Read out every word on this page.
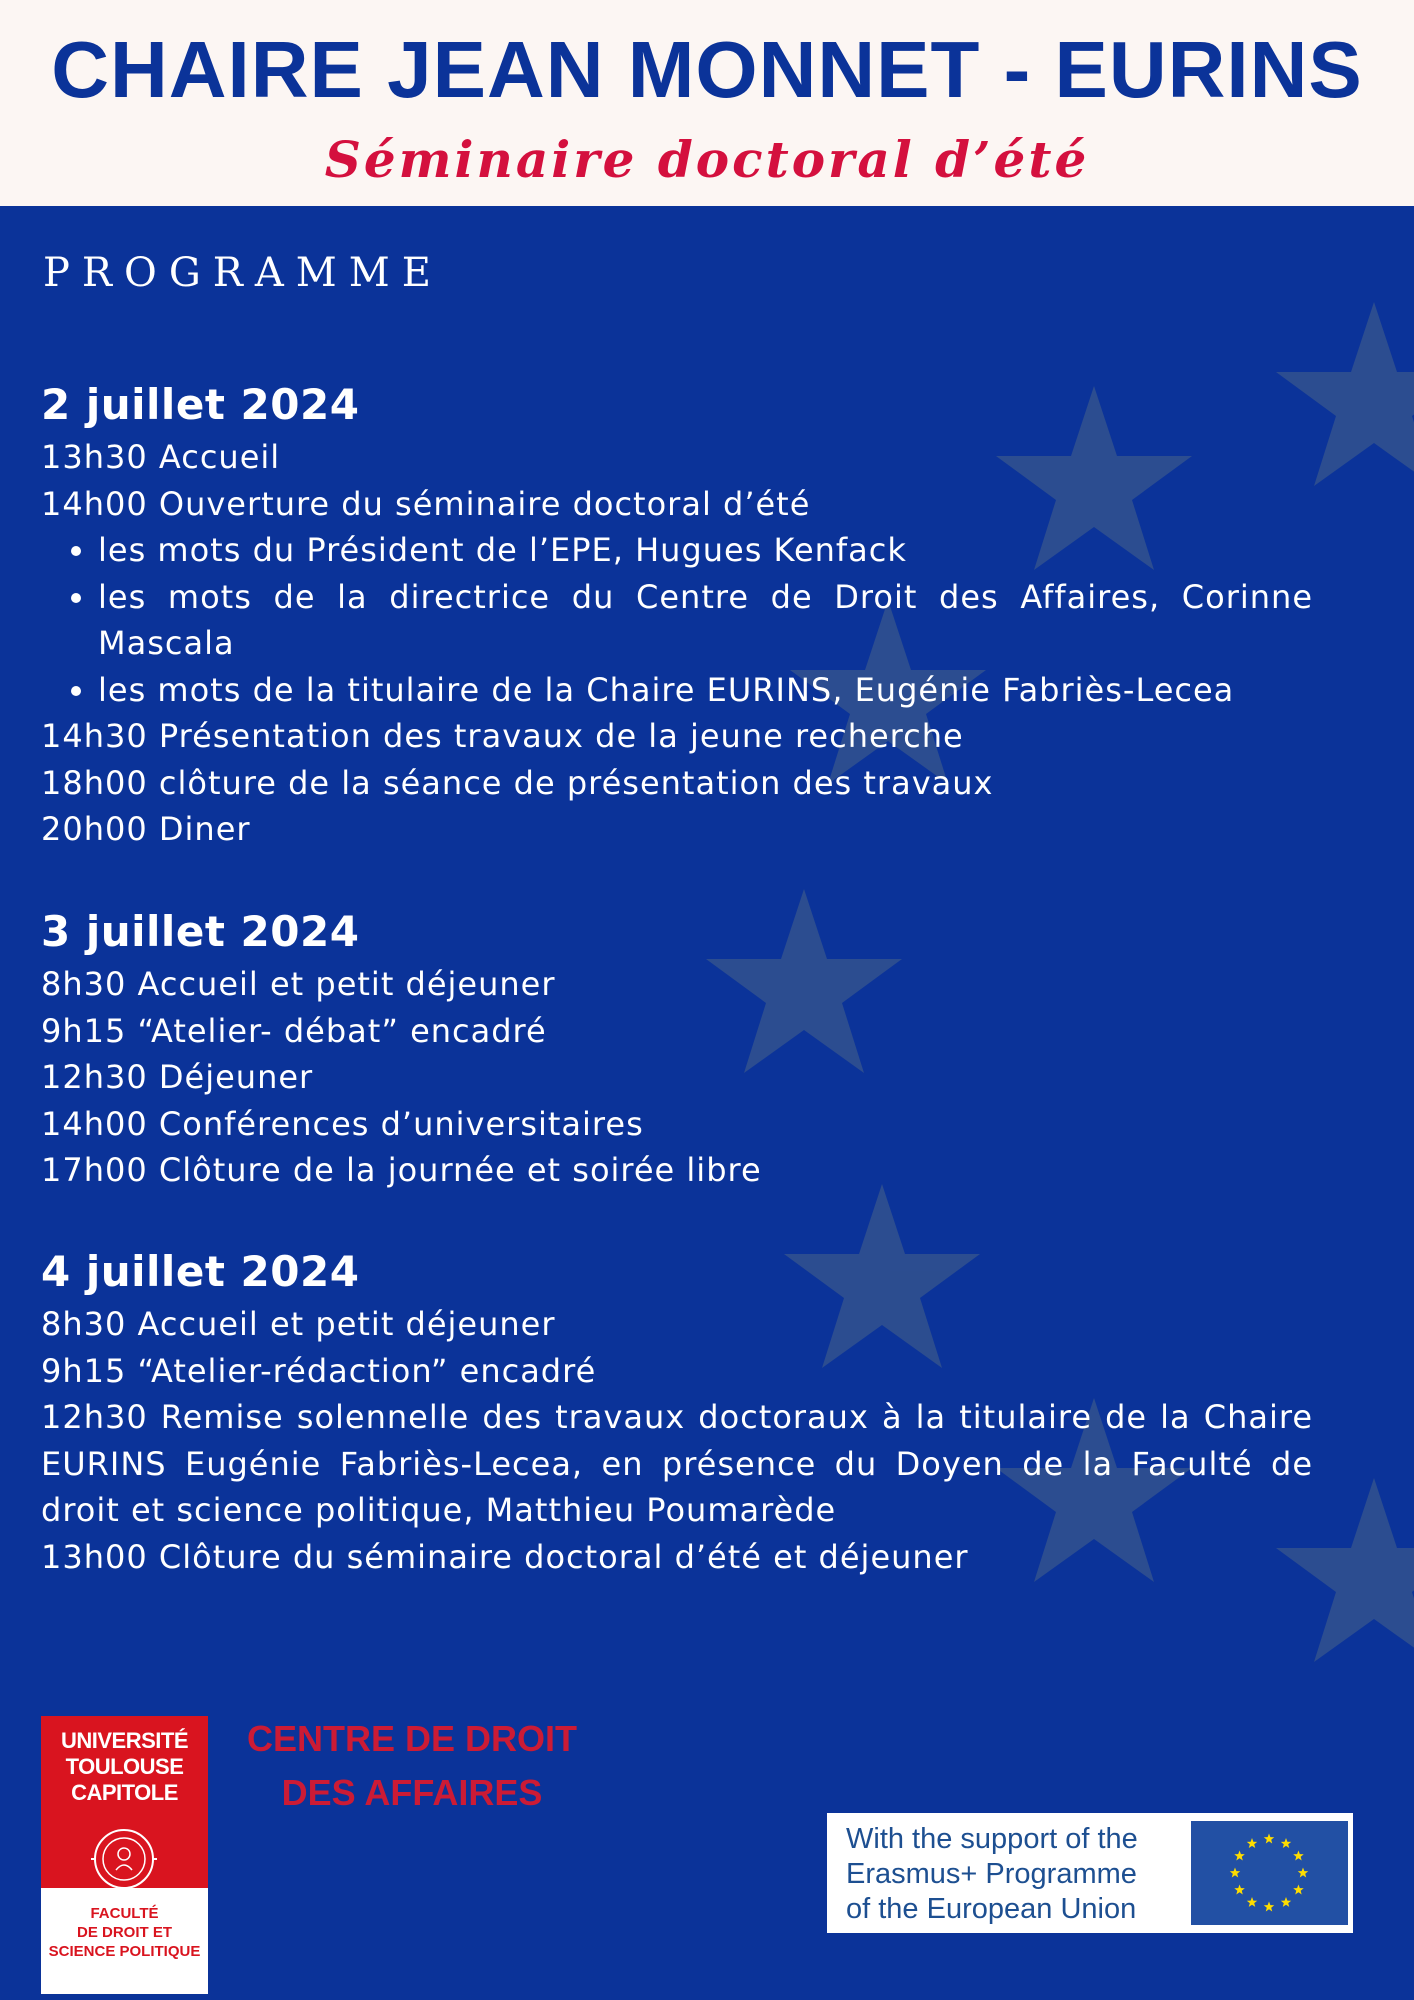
CHAIRE JEAN MONNET - EURINS
Séminaire doctoral d’été
PROGRAMME
2 juillet 2024
13h30 Accueil
14h00 Ouverture du séminaire doctoral d’été
• les mots du Président de l’EPE, Hugues Kenfack
• les mots de la directrice du Centre de Droit des Affaires, Corinne Mascala
• les mots de la titulaire de la Chaire EURINS, Eugénie Fabriès-Lecea
14h30 Présentation des travaux de la jeune recherche
18h00 clôture de la séance de présentation des travaux
20h00 Diner
3 juillet 2024
8h30 Accueil et petit déjeuner
9h15 “Atelier- débat” encadré
12h30 Déjeuner
14h00 Conférences d’universitaires
17h00 Clôture de la journée et soirée libre
4 juillet 2024
8h30 Accueil et petit déjeuner
9h15 “Atelier-rédaction” encadré
12h30 Remise solennelle des travaux doctoraux à la titulaire de la Chaire EURINS Eugénie Fabriès-Lecea, en présence du Doyen de la Faculté de droit et science politique, Matthieu Poumarède
13h00 Clôture du séminaire doctoral d’été et déjeuner
UNIVERSITÉ
TOULOUSE
CAPITOLE
FACULTÉ
DE DROIT ET
SCIENCE POLITIQUE
CENTRE DE DROIT
DES AFFAIRES
With the support of the
Erasmus+ Programme
of the European Union
